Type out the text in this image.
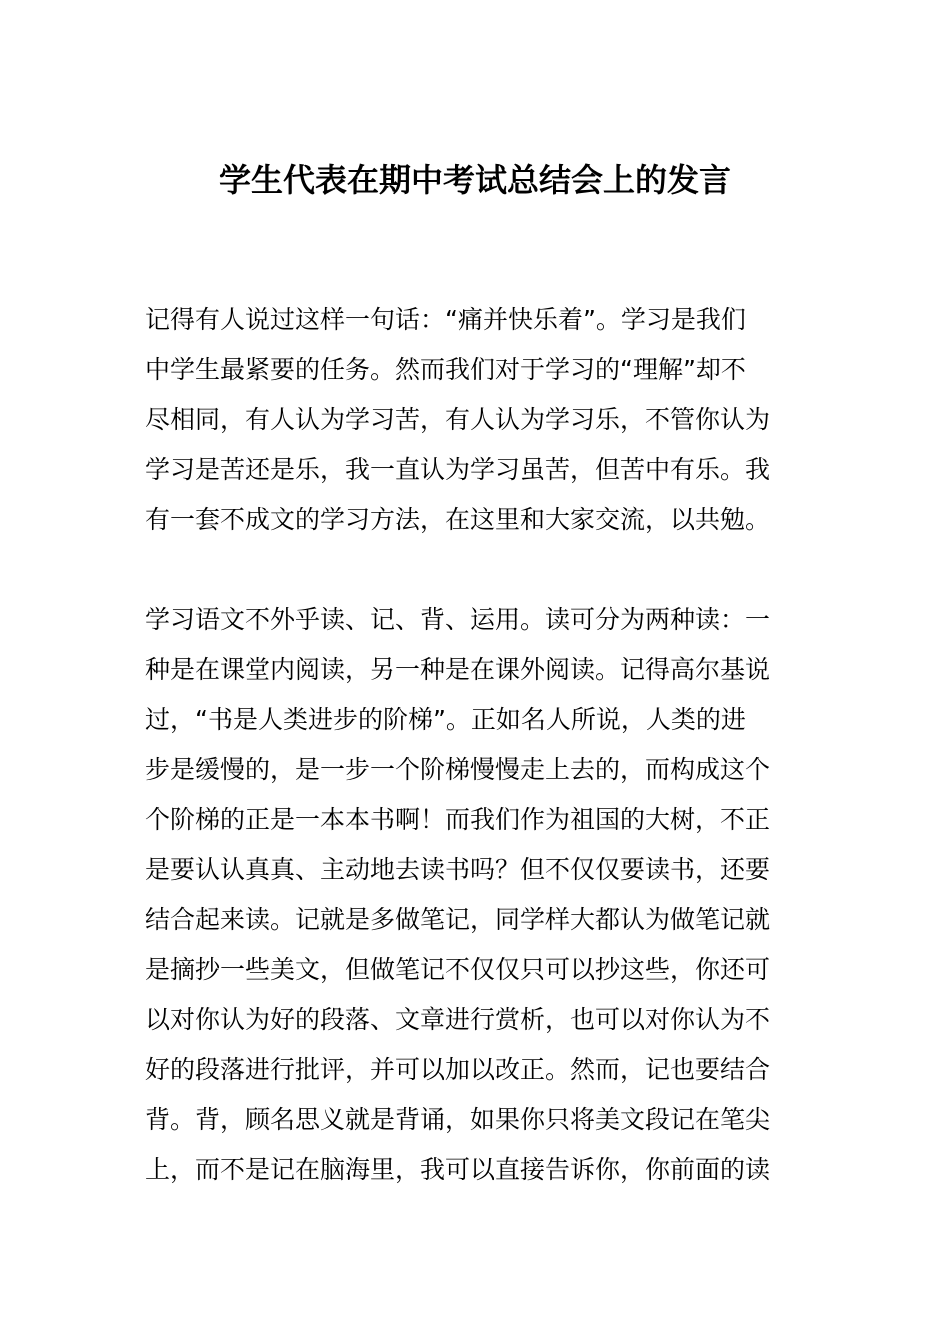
学生代表在期中考试总结会上的发言
记得有人说过这样一句话：“痛并快乐着”。学习是我们
中学生最紧要的任务。然而我们对于学习的“理解”却不
尽相同，有人认为学习苦，有人认为学习乐，不管你认为
学习是苦还是乐，我一直认为学习虽苦，但苦中有乐。我
有一套不成文的学习方法，在这里和大家交流，以共勉。
学习语文不外乎读、记、背、运用。读可分为两种读：一
种是在课堂内阅读，另一种是在课外阅读。记得高尔基说
过，“书是人类进步的阶梯”。正如名人所说，人类的进
步是缓慢的，是一步一个阶梯慢慢走上去的，而构成这个
个阶梯的正是一本本书啊！而我们作为祖国的大树，不正
是要认认真真、主动地去读书吗？但不仅仅要读书，还要
结合起来读。记就是多做笔记，同学样大都认为做笔记就
是摘抄一些美文，但做笔记不仅仅只可以抄这些，你还可
以对你认为好的段落、文章进行赏析，也可以对你认为不
好的段落进行批评，并可以加以改正。然而，记也要结合
背。背，顾名思义就是背诵，如果你只将美文段记在笔尖
上，而不是记在脑海里，我可以直接告诉你，你前面的读
